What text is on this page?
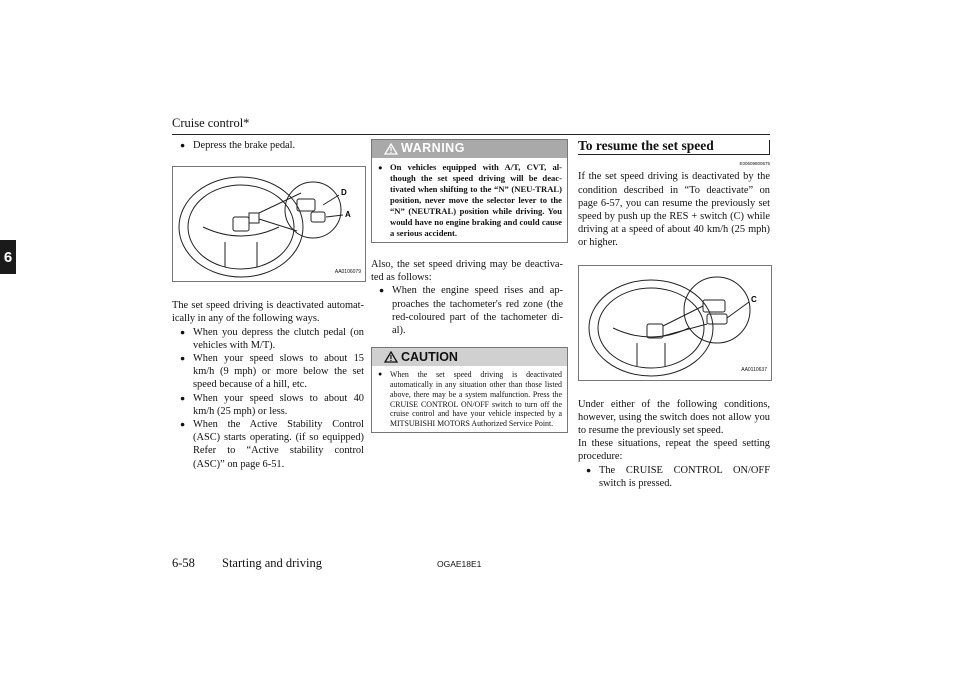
Cruise control*
6
● Depress the brake pedal.
D
A
AA0106079

The set speed driving is deactivated automat-ically in any of the following ways.

● When you depress the clutch pedal (on vehicles with M/T).
● When your speed slows to about 15 km/h (9 mph) or more below the set speed because of a hill, etc.
● When your speed slows to about 40 km/h (25 mph) or less.
● When the Active Stability Control (ASC) starts operating. (if so equipped) Refer to “Active stability control (ASC)” on page 6-51.
WARNING
● On vehicles equipped with A/T, CVT, al-though the set speed driving will be deac-tivated when shifting to the “N” (NEU-TRAL) position, never move the selector lever to the “N” (NEUTRAL) position while driving. You would have no engine braking and could cause a serious accident.

Also, the set speed driving may be deactiva-ted as follows:

● When the engine speed rises and ap-proaches the tachometer's red zone (the red-coloured part of the tachometer di-al).
CAUTION
● When the set speed driving is deactivated automatically in any situation other than those listed above, there may be a system malfunction. Press the CRUISE CONTROL ON/OFF switch to turn off the cruise control and have your vehicle inspected by a MITSUBISHI MOTORS Authorized Service Point.
To resume the set speed
E00609800675

If the set speed driving is deactivated by the condition described in “To deactivate” on page 6-57, you can resume the previously set speed by push up the RES + switch (C) while driving at a speed of about 40 km/h (25 mph) or higher.

C
AA0110637

Under either of the following conditions, however, using the switch does not allow you to resume the previously set speed.

In these situations, repeat the speed setting procedure:

● The CRUISE CONTROL ON/OFF switch is pressed.
6-58 Starting and driving	OGAE18E1
